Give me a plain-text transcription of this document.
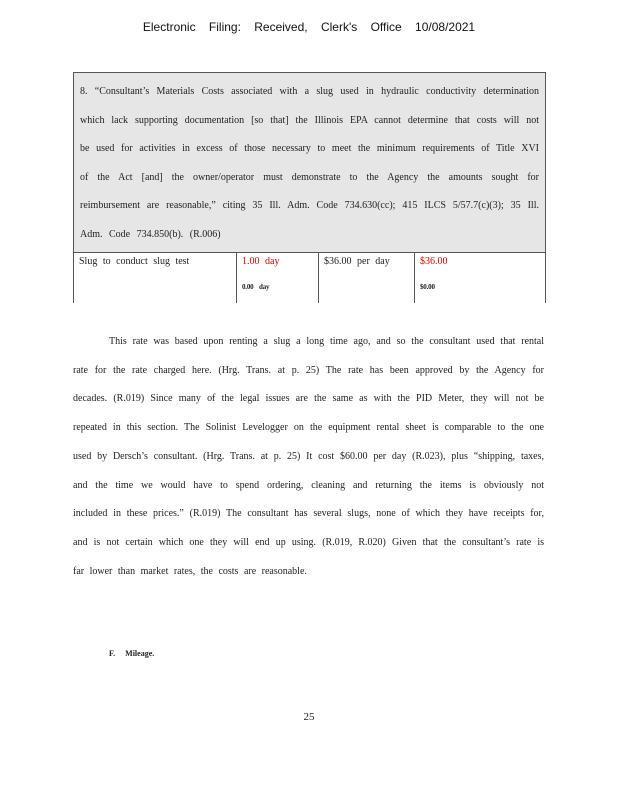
Electronic Filing: Received, Clerk's Office 10/08/2021
8. “Consultant’s Materials Costs associated with a slug used in hydraulic conductivity determination which lack supporting documentation [so that] the Illinois EPA cannot determine that costs will not be used for activities in excess of those necessary to meet the minimum requirements of Title XVI of the Act [and] the owner/operator must demonstrate to the Agency the amounts sought for reimbursement are reasonable,” citing 35 Ill. Adm. Code 734.630(cc); 415 ILCS 5/57.7(c)(3); 35 Ill. Adm. Code 734.850(b). (R.006)
Slug to conduct slug test	1.00 day
0.00 day
$36.00 per day	$36.00
$0.00

This rate was based upon renting a slug a long time ago, and so the consultant used that rental rate for the rate charged here. (Hrg. Trans. at p. 25) The rate has been approved by the Agency for decades. (R.019) Since many of the legal issues are the same as with the PID Meter, they will not be repeated in this section. The Solinist Levelogger on the equipment rental sheet is comparable to the one used by Dersch’s consultant. (Hrg. Trans. at p. 25) It cost $60.00 per day (R.023), plus “shipping, taxes, and the time we would have to spend ordering, cleaning and returning the items is obviously not included in these prices.” (R.019) The consultant has several slugs, none of which they have receipts for, and is not certain which one they will end up using. (R.019, R.020) Given that the consultant’s rate is far lower than market rates, the costs are reasonable.

F. Mileage.
25
